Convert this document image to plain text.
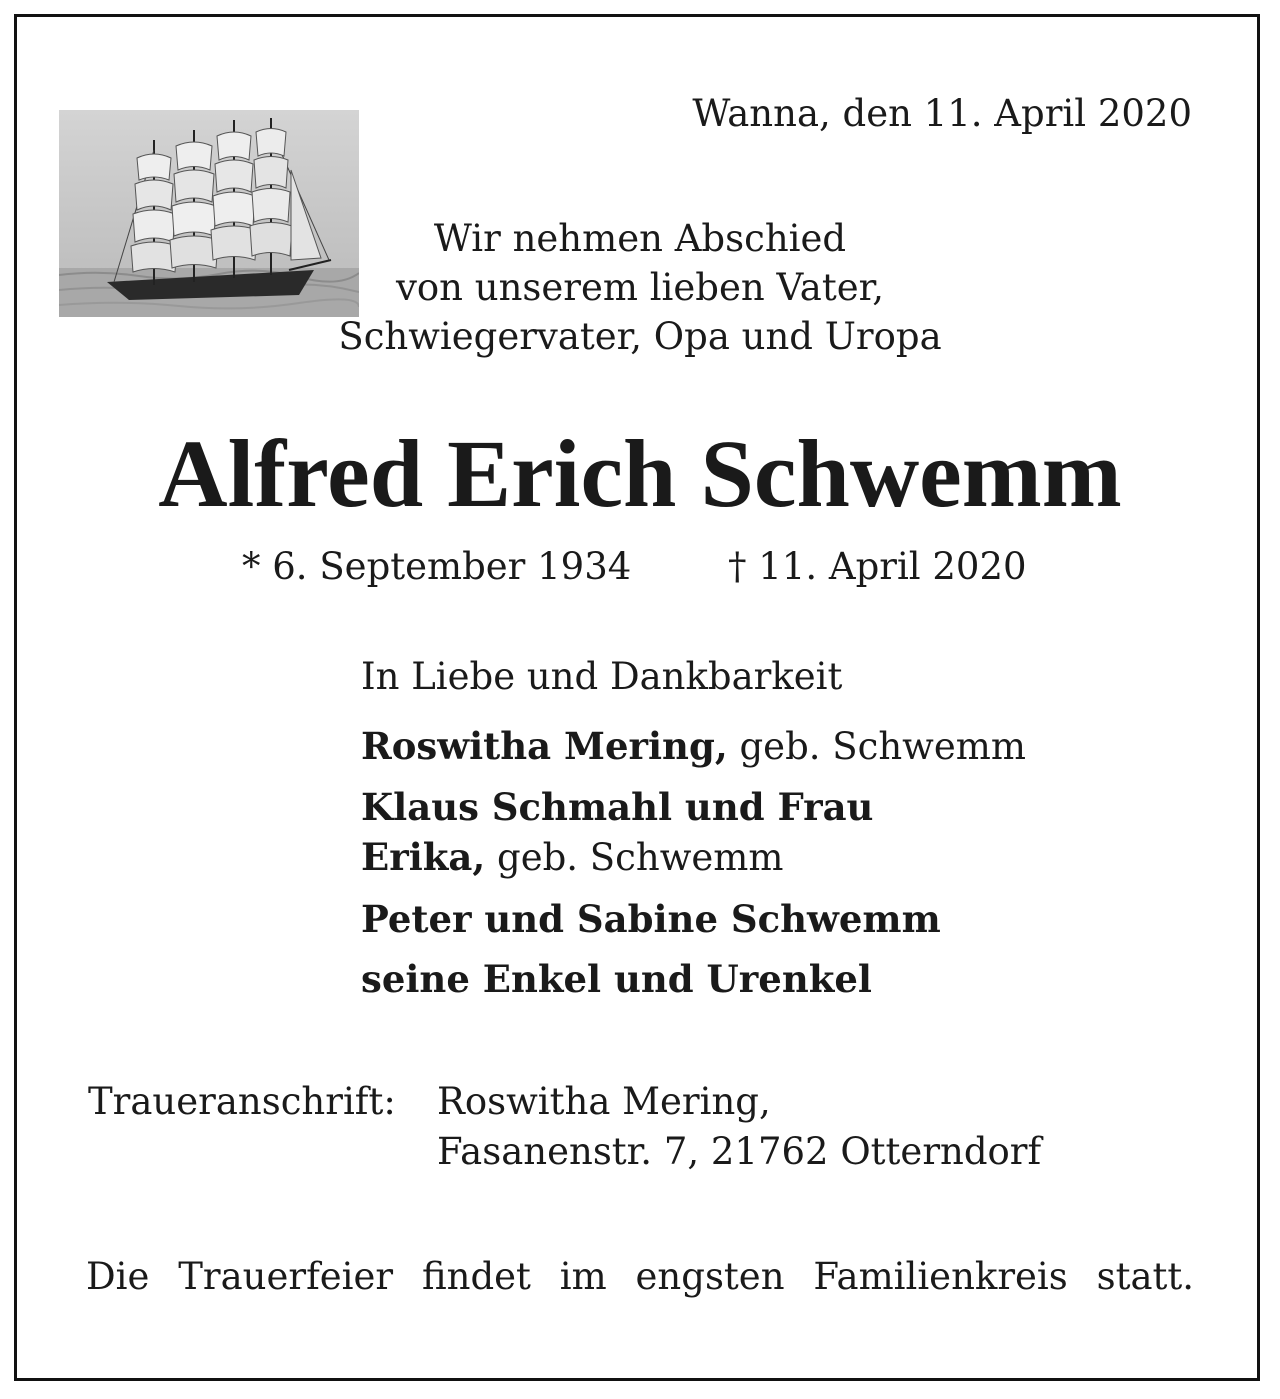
Wanna, den 11. April 2020
Wir nehmen Abschied
von unserem lieben Vater,
Schwiegervater, Opa und Uropa
Alfred Erich Schwemm
* 6. September 1934	† 11. April 2020
In Liebe und Dankbarkeit
Roswitha Mering, geb. Schwemm
Klaus Schmahl und Frau
Erika, geb. Schwemm
Peter und Sabine Schwemm
seine Enkel und Urenkel
Traueranschrift: Roswitha Mering,
Fasanenstr. 7, 21762 Otterndorf
Die Trauerfeier findet im engsten Familienkreis statt.
